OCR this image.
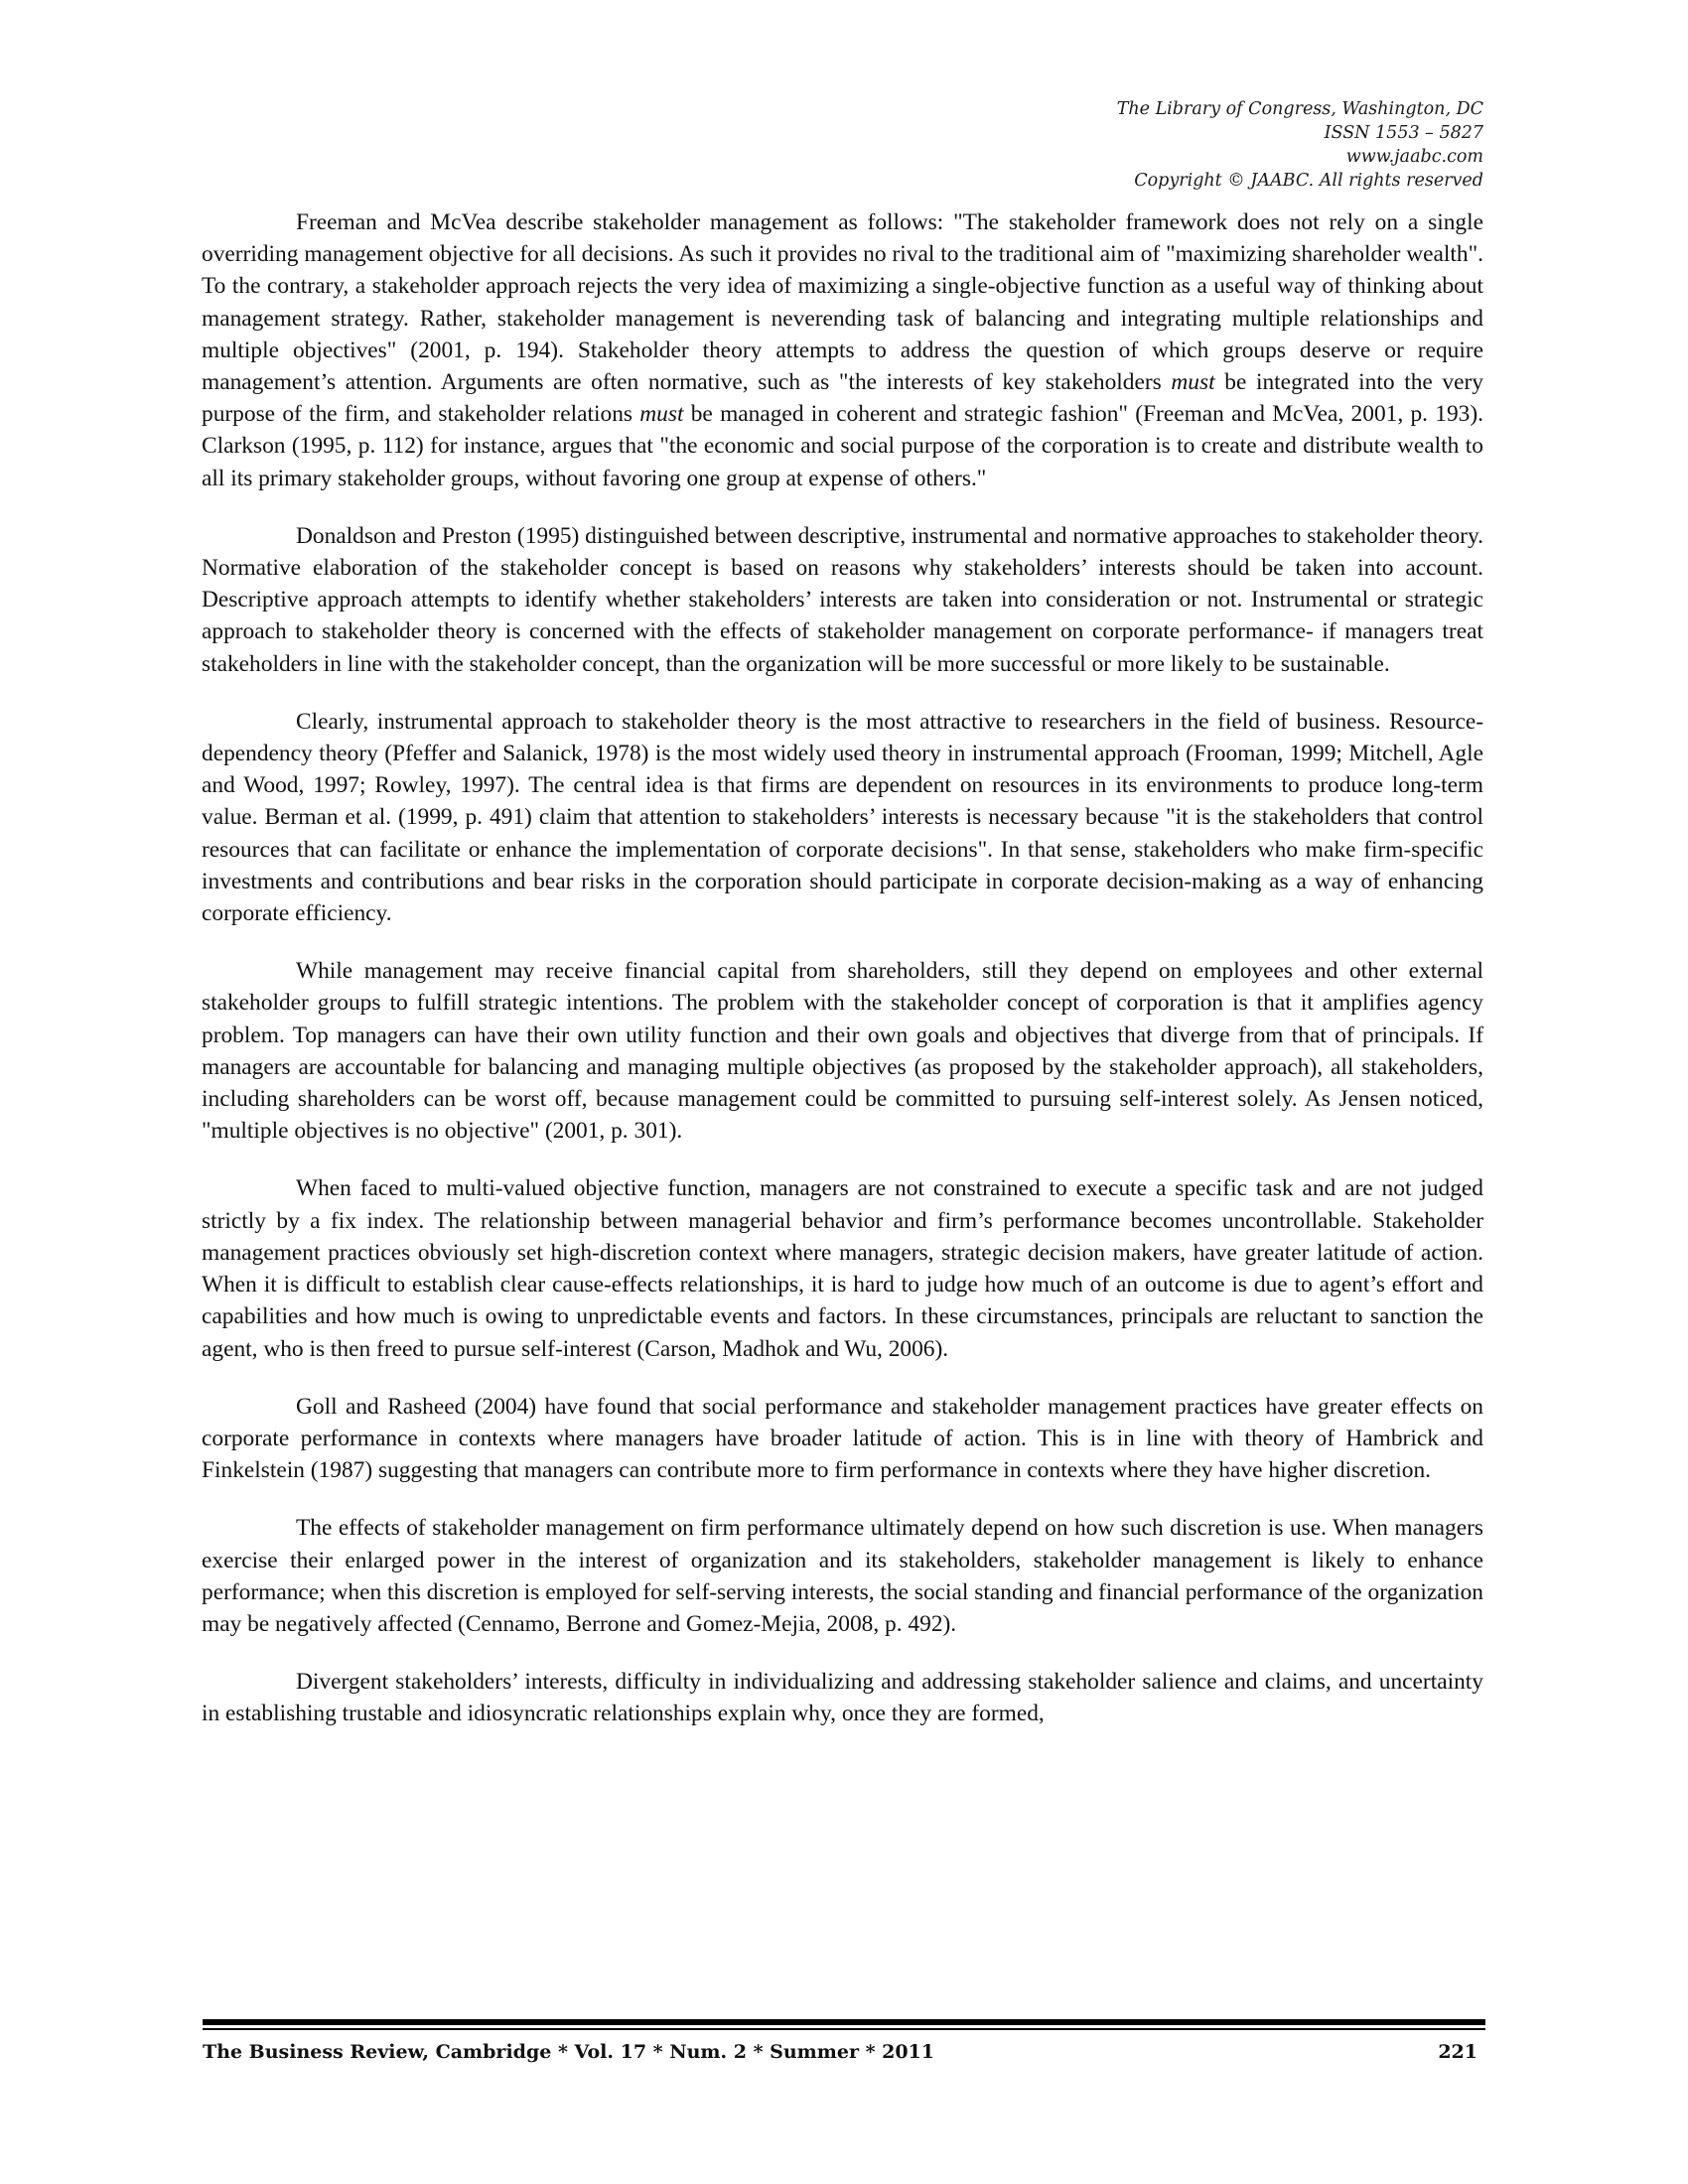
The Library of Congress, Washington, DC
ISSN 1553 – 5827
www.jaabc.com
Copyright © JAABC. All rights reserved

Freeman and McVea describe stakeholder management as follows: "The stakeholder framework does not rely on a single overriding management objective for all decisions. As such it provides no rival to the traditional aim of "maximizing shareholder wealth". To the contrary, a stakeholder approach rejects the very idea of maximizing a single-objective function as a useful way of thinking about management strategy. Rather, stakeholder management is neverending task of balancing and integrating multiple relationships and multiple objectives" (2001, p. 194). Stakeholder theory attempts to address the question of which groups deserve or require management’s attention. Arguments are often normative, such as "the interests of key stakeholders must be integrated into the very purpose of the firm, and stakeholder relations must be managed in coherent and strategic fashion" (Freeman and McVea, 2001, p. 193). Clarkson (1995, p. 112) for instance, argues that "the economic and social purpose of the corporation is to create and distribute wealth to all its primary stakeholder groups, without favoring one group at expense of others."

Donaldson and Preston (1995) distinguished between descriptive, instrumental and normative approaches to stakeholder theory. Normative elaboration of the stakeholder concept is based on reasons why stakeholders’ interests should be taken into account. Descriptive approach attempts to identify whether stakeholders’ interests are taken into consideration or not. Instrumental or strategic approach to stakeholder theory is concerned with the effects of stakeholder management on corporate performance- if managers treat stakeholders in line with the stakeholder concept, than the organization will be more successful or more likely to be sustainable.

Clearly, instrumental approach to stakeholder theory is the most attractive to researchers in the field of business. Resource-dependency theory (Pfeffer and Salanick, 1978) is the most widely used theory in instrumental approach (Frooman, 1999; Mitchell, Agle and Wood, 1997; Rowley, 1997). The central idea is that firms are dependent on resources in its environments to produce long-term value. Berman et al. (1999, p. 491) claim that attention to stakeholders’ interests is necessary because "it is the stakeholders that control resources that can facilitate or enhance the implementation of corporate decisions". In that sense, stakeholders who make firm-specific investments and contributions and bear risks in the corporation should participate in corporate decision-making as a way of enhancing corporate efficiency.

While management may receive financial capital from shareholders, still they depend on employees and other external stakeholder groups to fulfill strategic intentions. The problem with the stakeholder concept of corporation is that it amplifies agency problem. Top managers can have their own utility function and their own goals and objectives that diverge from that of principals. If managers are accountable for balancing and managing multiple objectives (as proposed by the stakeholder approach), all stakeholders, including shareholders can be worst off, because management could be committed to pursuing self-interest solely. As Jensen noticed, "multiple objectives is no objective" (2001, p. 301).

When faced to multi-valued objective function, managers are not constrained to execute a specific task and are not judged strictly by a fix index. The relationship between managerial behavior and firm’s performance becomes uncontrollable. Stakeholder management practices obviously set high-discretion context where managers, strategic decision makers, have greater latitude of action. When it is difficult to establish clear cause-effects relationships, it is hard to judge how much of an outcome is due to agent’s effort and capabilities and how much is owing to unpredictable events and factors. In these circumstances, principals are reluctant to sanction the agent, who is then freed to pursue self-interest (Carson, Madhok and Wu, 2006).

Goll and Rasheed (2004) have found that social performance and stakeholder management practices have greater effects on corporate performance in contexts where managers have broader latitude of action. This is in line with theory of Hambrick and Finkelstein (1987) suggesting that managers can contribute more to firm performance in contexts where they have higher discretion.

The effects of stakeholder management on firm performance ultimately depend on how such discretion is use. When managers exercise their enlarged power in the interest of organization and its stakeholders, stakeholder management is likely to enhance performance; when this discretion is employed for self-serving interests, the social standing and financial performance of the organization may be negatively affected (Cennamo, Berrone and Gomez-Mejia, 2008, p. 492).

Divergent stakeholders’ interests, difficulty in individualizing and addressing stakeholder salience and claims, and uncertainty in establishing trustable and idiosyncratic relationships explain why, once they are formed,

The Business Review, Cambridge * Vol. 17 * Num. 2 * Summer * 2011	221
